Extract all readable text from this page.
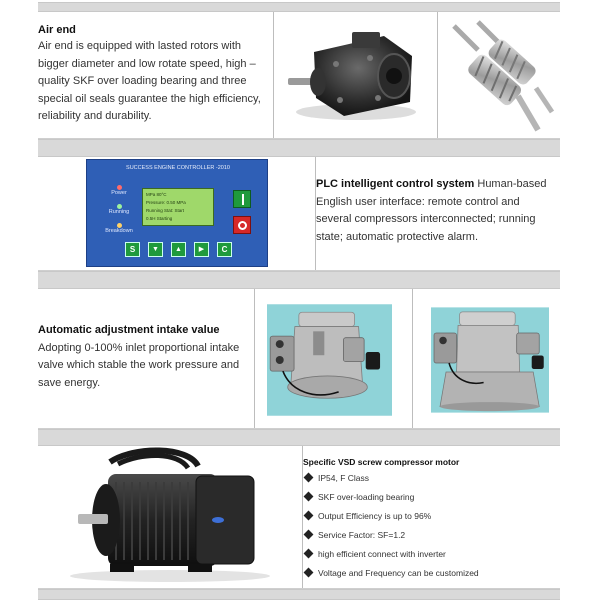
Air end
Air end is equipped with lasted rotors with bigger diameter and low rotate speed, high –quality SKF over loading bearing and three special oil seals guarantee the high efficiency, reliability and durability.
SUCCESS ENGINE CONTROLLER -2010
Power
Running
Breakdown
MPa 80°C
Pressure: 0.50 MPa
Running Stat: Start
0.5H Starting
S	▼	▲	▶	C
PLC intelligent control system Human-based English user interface: remote control and several compressors interconnected; running state; automatic protective alarm.
Automatic adjustment intake value
Adopting 0-100% inlet proportional intake valve which stable the work pressure and save energy.
Specific VSD screw compressor motor
IP54, F Class
SKF over-loading bearing
Output Efficiency is up to 96%
Service Factor: SF=1.2
high efficient connect with inverter
Voltage and Frequency can be customized
